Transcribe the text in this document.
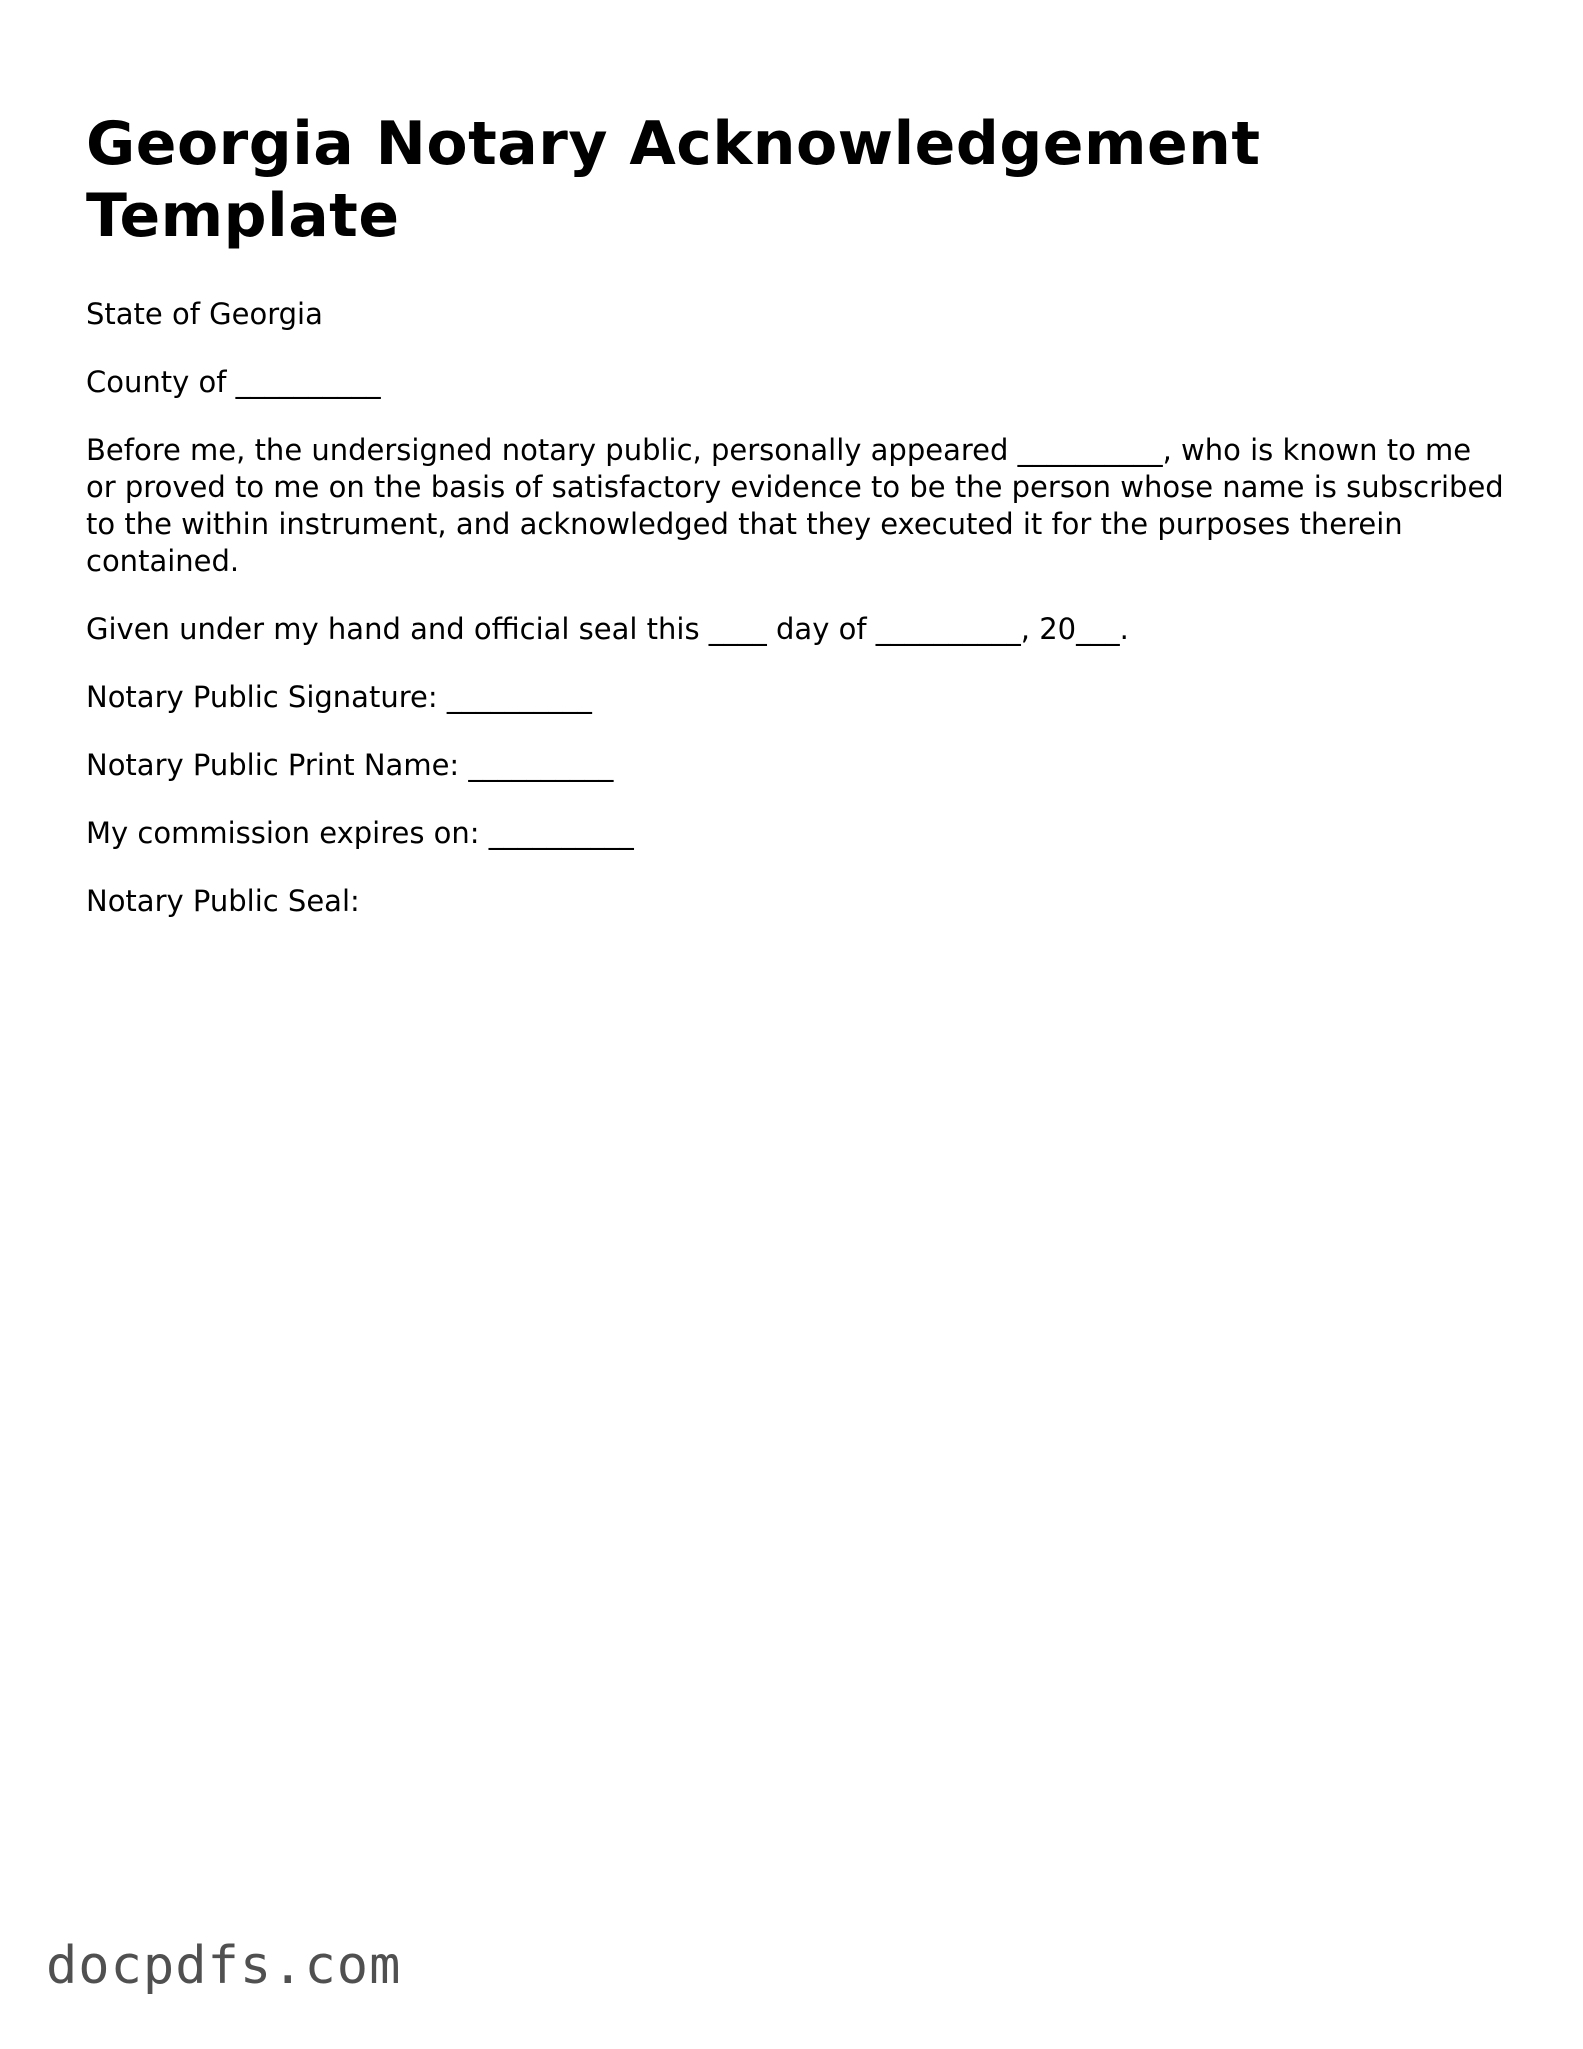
Georgia Notary Acknowledgement Template

State of Georgia

County of __________

Before me, the undersigned notary public, personally appeared __________, who is known to me or proved to me on the basis of satisfactory evidence to be the person whose name is subscribed to the within instrument, and acknowledged that they executed it for the purposes therein contained.

Given under my hand and official seal this ____ day of __________, 20___.

Notary Public Signature: __________

Notary Public Print Name: __________

My commission expires on: __________

Notary Public Seal:

docpdfs.com
